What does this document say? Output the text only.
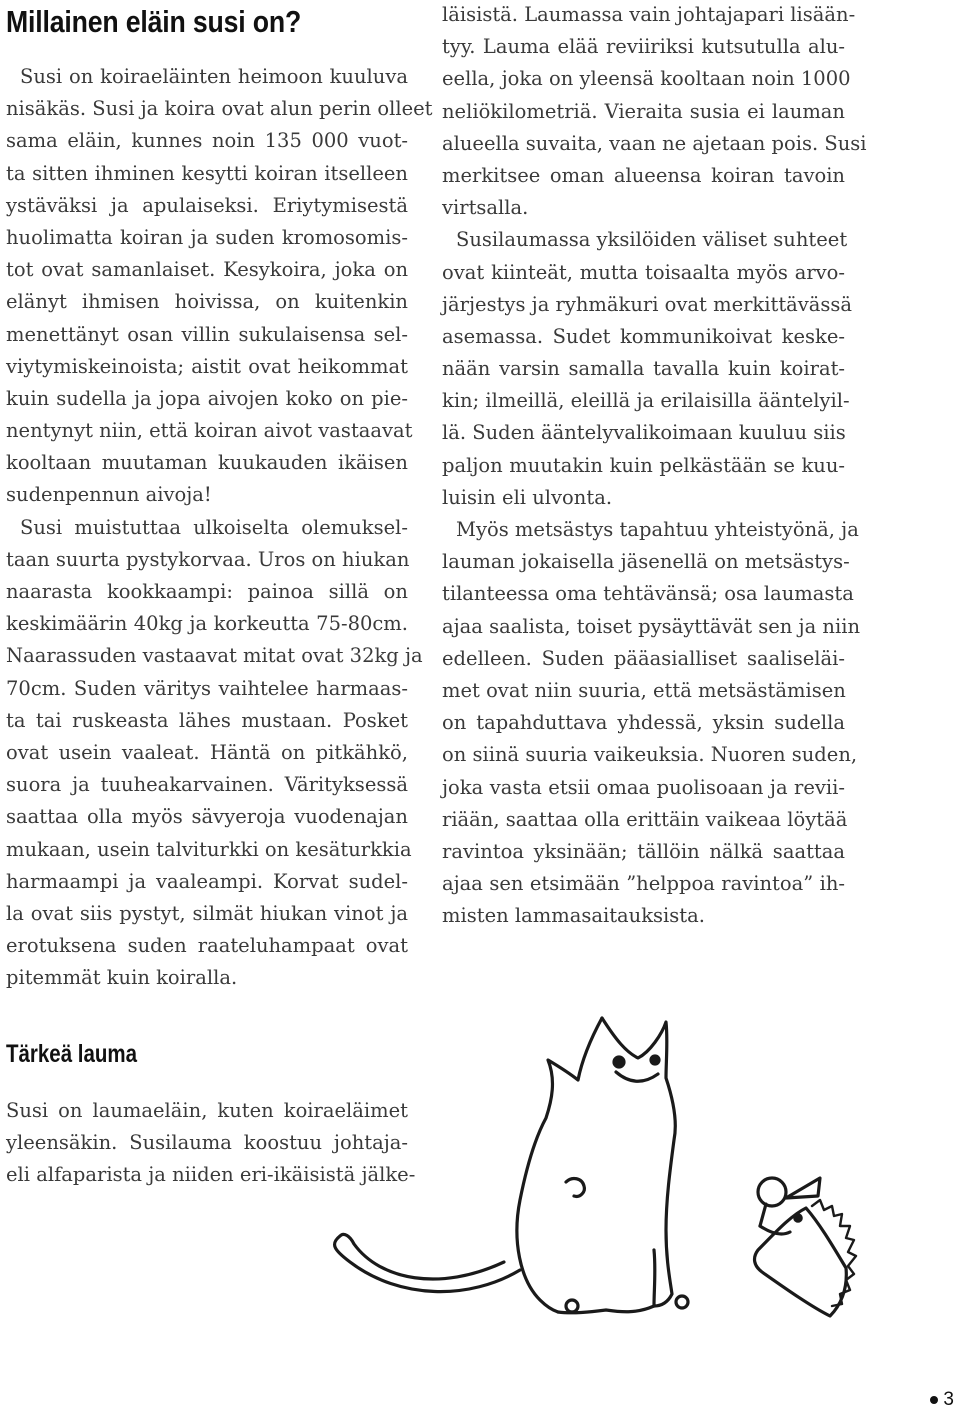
Millainen eläin susi on?
Susi on koiraeläinten heimoon kuuluva
nisäkäs. Susi ja koira ovat alun perin olleet
sama eläin, kunnes noin 135 000 vuot-
ta sitten ihminen kesytti koiran itselleen
ystäväksi ja apulaiseksi. Eriytymisestä
huolimatta koiran ja suden kromosomis-
tot ovat samanlaiset. Kesykoira, joka on
elänyt ihmisen hoivissa, on kuitenkin
menettänyt osan villin sukulaisensa sel-
viytymiskeinoista; aistit ovat heikommat
kuin sudella ja jopa aivojen koko on pie-
nentynyt niin, että koiran aivot vastaavat
kooltaan muutaman kuukauden ikäisen
sudenpennun aivoja!
Susi muistuttaa ulkoiselta olemuksel-
taan suurta pystykorvaa. Uros on hiukan
naarasta kookkaampi: painoa sillä on
keskimäärin 40kg ja korkeutta 75-80cm.
Naarassuden vastaavat mitat ovat 32kg ja
70cm. Suden väritys vaihtelee harmaas-
ta tai ruskeasta lähes mustaan. Posket
ovat usein vaaleat. Häntä on pitkähkö,
suora ja tuuheakarvainen. Värityksessä
saattaa olla myös sävyeroja vuodenajan
mukaan, usein talviturkki on kesäturkkia
harmaampi ja vaaleampi. Korvat sudel-
la ovat siis pystyt, silmät hiukan vinot ja
erotuksena suden raateluhampaat ovat
pitemmät kuin koiralla.
läisistä. Laumassa vain johtajapari lisään-
tyy. Lauma elää reviiriksi kutsutulla alu-
eella, joka on yleensä kooltaan noin 1000
neliökilometriä. Vieraita susia ei lauman
alueella suvaita, vaan ne ajetaan pois. Susi
merkitsee oman alueensa koiran tavoin
virtsalla.
Susilaumassa yksilöiden väliset suhteet
ovat kiinteät, mutta toisaalta myös arvo-
järjestys ja ryhmäkuri ovat merkittävässä
asemassa. Sudet kommunikoivat keske-
nään varsin samalla tavalla kuin koirat-
kin; ilmeillä, eleillä ja erilaisilla ääntelyil-
lä. Suden ääntelyvalikoimaan kuuluu siis
paljon muutakin kuin pelkästään se kuu-
luisin eli ulvonta.
Myös metsästys tapahtuu yhteistyönä, ja
lauman jokaisella jäsenellä on metsästys-
tilanteessa oma tehtävänsä; osa laumasta
ajaa saalista, toiset pysäyttävät sen ja niin
edelleen. Suden pääasialliset saaliseläi-
met ovat niin suuria, että metsästämisen
on tapahduttava yhdessä, yksin sudella
on siinä suuria vaikeuksia. Nuoren suden,
joka vasta etsii omaa puolisoaan ja revii-
riään, saattaa olla erittäin vaikeaa löytää
ravintoa yksinään; tällöin nälkä saattaa
ajaa sen etsimään ”helppoa ravintoa” ih-
misten lammasaitauksista.
Tärkeä lauma
Susi on laumaeläin, kuten koiraeläimet
yleensäkin. Susilauma koostuu johtaja-
eli alfaparista ja niiden eri-ikäisistä jälke-
3
